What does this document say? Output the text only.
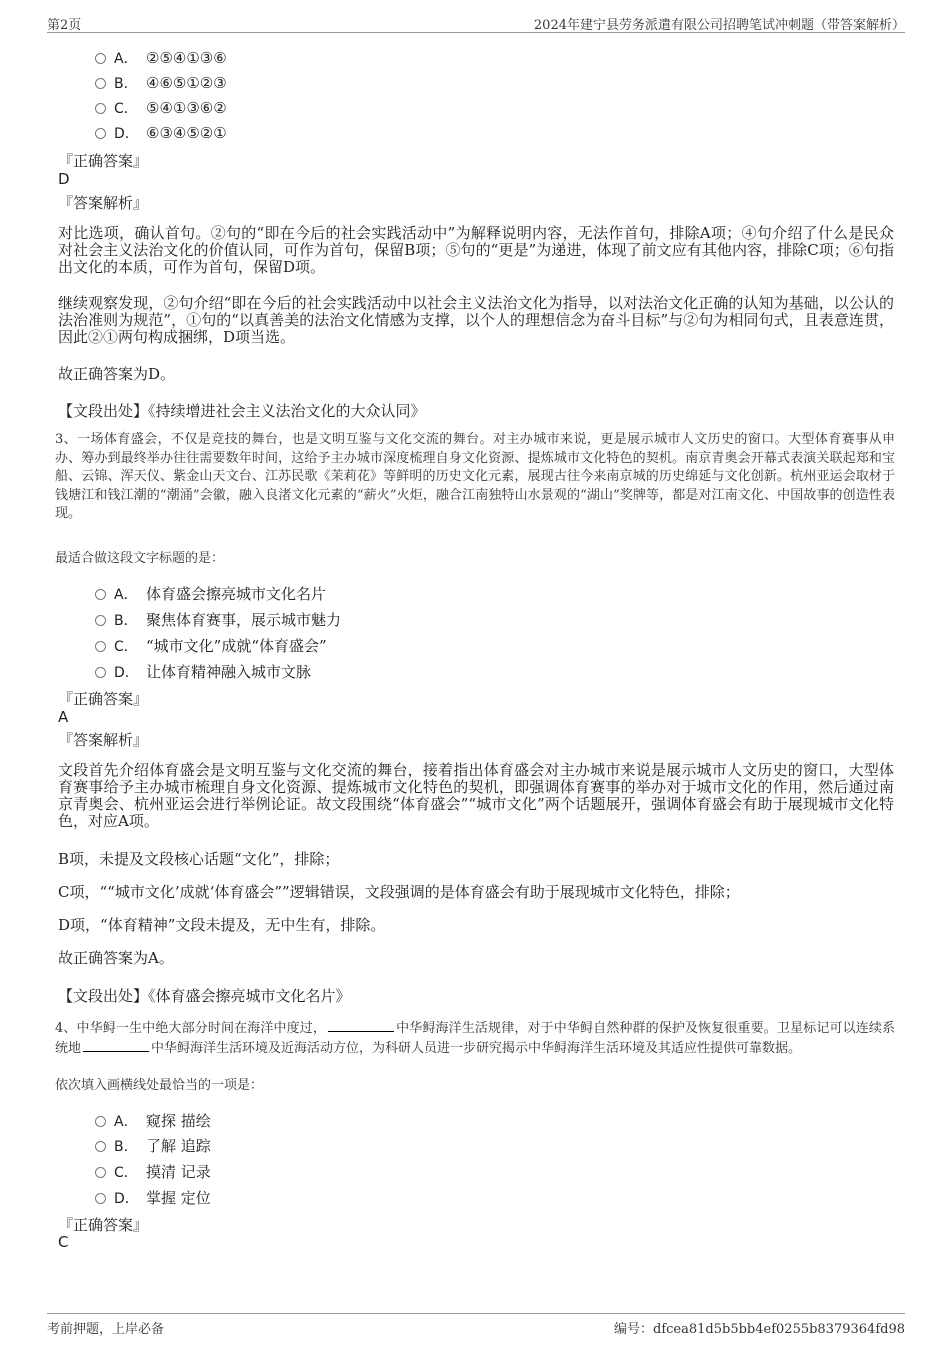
第2页	2024年建宁县劳务派遣有限公司招聘笔试冲刺题（带答案解析）
A． ②⑤④①③⑥
B． ④⑥⑤①②③
C． ⑤④①③⑥②
D． ⑥③④⑤②①
『正确答案』
D
『答案解析』
对比选项，确认首句。②句的“即在今后的社会实践活动中”为解释说明内容，无法作首句，排除A项；④句介绍了什么是民众对社会主义法治文化的价值认同，可作为首句，保留B项；⑤句的“更是”为递进，体现了前文应有其他内容，排除C项；⑥句指出文化的本质，可作为首句，保留D项。
继续观察发现，②句介绍“即在今后的社会实践活动中以社会主义法治文化为指导，以对法治文化正确的认知为基础，以公认的法治准则为规范”，①句的“以真善美的法治文化情感为支撑，以个人的理想信念为奋斗目标”与②句为相同句式，且表意连贯，因此②①两句构成捆绑，D项当选。
故正确答案为D。
【文段出处】《持续增进社会主义法治文化的大众认同》
3、一场体育盛会，不仅是竞技的舞台，也是文明互鉴与文化交流的舞台。对主办城市来说，更是展示城市人文历史的窗口。大型体育赛事从申办、筹办到最终举办往往需要数年时间，这给予主办城市深度梳理自身文化资源、提炼城市文化特色的契机。南京青奥会开幕式表演关联起郑和宝船、云锦、浑天仪、紫金山天文台、江苏民歌《茉莉花》等鲜明的历史文化元素，展现古往今来南京城的历史绵延与文化创新。杭州亚运会取材于钱塘江和钱江潮的“潮涌”会徽，融入良渚文化元素的“薪火”火炬，融合江南独特山水景观的“湖山”奖牌等，都是对江南文化、中国故事的创造性表现。
最适合做这段文字标题的是：
A． 体育盛会擦亮城市文化名片
B． 聚焦体育赛事，展示城市魅力
C． “城市文化”成就“体育盛会”
D． 让体育精神融入城市文脉
『正确答案』
A
『答案解析』
文段首先介绍体育盛会是文明互鉴与文化交流的舞台，接着指出体育盛会对主办城市来说是展示城市人文历史的窗口，大型体育赛事给予主办城市梳理自身文化资源、提炼城市文化特色的契机，即强调体育赛事的举办对于城市文化的作用，然后通过南京青奥会、杭州亚运会进行举例论证。故文段围绕“体育盛会”“城市文化”两个话题展开，强调体育盛会有助于展现城市文化特色，对应A项。
B项，未提及文段核心话题“文化”，排除；
C项，““城市文化’成就‘体育盛会””逻辑错误，文段强调的是体育盛会有助于展现城市文化特色，排除；
D项，“体育精神”文段未提及，无中生有，排除。
故正确答案为A。
【文段出处】《体育盛会擦亮城市文化名片》
4、中华鲟一生中绝大部分时间在海洋中度过，	中华鲟海洋生活规律，对于中华鲟自然种群的保护及恢复很重要。卫星标记可以连续系统地	中华鲟海洋生活环境及近海活动方位，为科研人员进一步研究揭示中华鲟海洋生活环境及其适应性提供可靠数据。
依次填入画横线处最恰当的一项是：
A． 窥探 描绘
B． 了解 追踪
C． 摸清 记录
D． 掌握 定位
『正确答案』
C
考前押题，上岸必备	编号：dfcea81d5b5bb4ef0255b8379364fd98
